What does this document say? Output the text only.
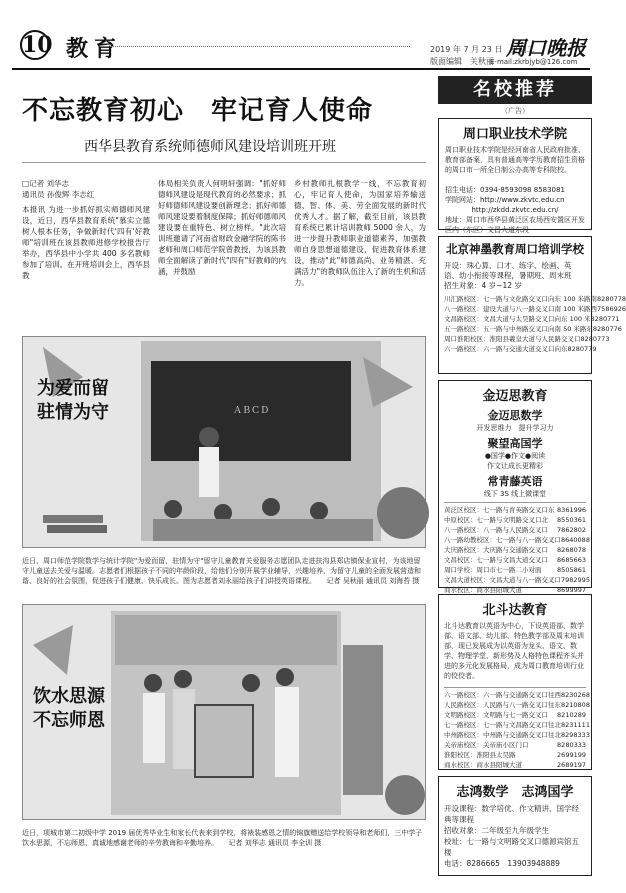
10 教育	2019 年 7 月 23 日　星期二
版面编辑　关秋丽
周口晚报
E-mail:zkrbjyb@126.com
不忘教育初心　牢记育人使命
西华县教育系统师德师风建设培训班开班
□记者 刘华志
通讯员 孙俊辉 李志红
本报讯 为进一步抓好抓实师德师风建设，近日，西华县教育系统"慕实立德树人根本任务，争做新时代'四有'好教师"培训班在该县教师进修学校报告厅举办，西华县中小学共 400 多名教师参加了培训。在开班培训会上，西华县教
体局相关负责人何明轩强调："抓好师德师风建设是现代教育的必然要求；抓好师德师风建设要创新理念；抓好师德师风建设要着制度保障；抓好师德师风建设要在重特色、树立榜样。"此次培训班邀请了河南省财政金融学院的陈书老师和周口师范学院曾教授，为该县教师全面解读了新时代"四有"好教师的内涵，并鼓励
乡村教师扎根教学一线，不忘教育初心，牢记育人使命，为国家培养输送德、智、体、美、劳全面发展的新时代优秀人才。据了解，截至目前，该县教育系统已累计培训教师 5000 余人，为进一步提升教师职业道德素养，加强教师自身思想道德建设，促进教育体系建设，推动"此"师德高尚、业务精湛、充满活力"的教师队伍注入了新的生机和活力。
ＡＢＣＤ
为爱而留
驻情为守
近日，周口师范学院数学与统计学院"为爱而留，驻情为守"留守儿童教育关爱服务志愿团队走进扶沟县郑店镇保业宣村，为该地留守儿童送去关爱与温暖。志愿者们根据孩子不同的年龄阶段，给他们分别开展学业辅导，兴趣培养，为留守儿童的全面发展营造和谐、良好的社会氛围，促进孩子们健康、快乐成长。图为志愿者刘永丽给孩子们讲授英语课程。　　记者 吴秋丽 通讯员 刘海苔 摄
饮水思源
不忘师恩
近日，项城市第二初级中学 2019 届优秀毕业生和家长代表来到学校，将裱装感恩之情的锦旗赠送给学校领导和老师们，三中学子饮水思源，不忘师恩，真诚地感谢老师的辛劳教诲和辛勤培养。　　记者 刘华志 通讯员 李全训 摄
名校推荐
（广告）
周口职业技术学院
周口职业技术学院是经河南省人民政府批准、教育部备案，具有普通高等学历教育招生资格的周口市一所全日制公办高等专科院校。
招生电话：0394-8593098 8583081
学院网站：http://www.zkvtc.edu.cn
http://zkdd.zkvtc.edu.cn/
地址：周口市西华县黄泛区农场西安置区开发区内（东区）文昌大道东段
北京神墨教育周口培训学校
开设：珠心算、口才、练字、绘画、英语、幼小衔接等课程，暑期班、周末班
招生对象：4 岁~12 岁
川汇路校区：七一路与文化路交叉口向东 100 米路南 8280778
八一路校区：建设大道与八一路交叉口南 100 米路西 7586926
文昌路校区：文昌大道与太昊路交叉口向东 100 米 8280771
五一路校区：五一路与中州路交叉口向南 50 米路东 8280776
周口淮阳校区：淮阳县羲皇大道与人民路交叉口 8280773
六一路校区：六一路与交通大道交叉口向东 8280779
金迈思教育
金迈思数学
开发思维力　提升学习力
聚望高国学
●国学●作文●阅读
作文让成长更精彩
常青藤英语
线下 3S 线上微课堂
黄泛区校区：七一路与育英路交叉口东 8361996
中原校区：七一路与文明路交叉口北 8550361
八一路校区：八一路与人民路交叉口 7862802
八一路幼教校区：七一路与八一路交叉口 8640088
大庆路校区：大庆路与交通路交叉口 8268078
文昌校区：七一路与文昌大道交叉口 8685663
周口学校：周口市七一路二小对面 8505861
文昌大道校区：文昌大道与八一路交叉口 7982995
商水校区：商水县阳城大道	8699997
北斗达教育
北斗达教育以英语为中心，下设英语部、数学部、语文部、幼儿部、特色教学部及周末培训部，现已发展成为以英语为龙头、语文、数学、物理学堂、新形势及人格特色课程齐头并进的多元化发展格局，成为周口教育培训行业的佼佼者。
六一路校区：六一路与交通路交叉口往西 8230268
人民路校区：人民路与八一路交叉口往东 8210808
文明路校区：文明路与七一路交叉口 8210289
七一路校区：七一路与文昌路交叉口往北 8231111
中州路校区：中州路与交通路交叉口往北 8298333
关帝庙校区：关帝庙小区门口	8280333
淮阳校区：淮阳县太昊路	2699199
商水校区：商水县阳城大道	2689197
志鸿数学　志鸿国学
开设课程：数学培优、作文精讲、国学经典等课程
招收对象：二年级至九年级学生
校址：七一路与文明路交叉口德源宾馆五楼
电话：8286665　13903948889
